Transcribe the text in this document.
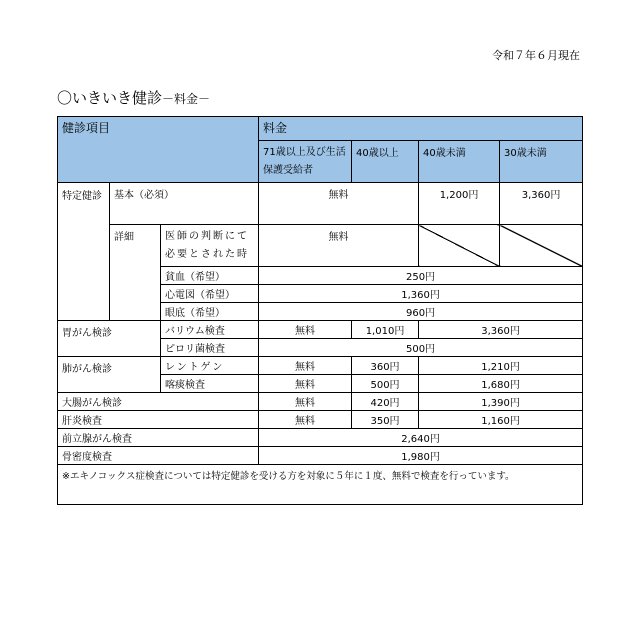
令和７年６月現在
〇いきいき健診－料金－
健診項目			料金			
			71歳以上及び生活保護受給者	40歳以上	40歳未満	30歳未満
特定健診	基本（必須）		無料		1,200円	3,360円
	詳細	医師の判断にて必要とされた時	無料			
		貧血（希望）	250円			
		心電図（希望）	1,360円			
		眼底（希望）	960円			
胃がん検診		バリウム検査	無料	1,010円	3,360円	
		ピロリ菌検査	500円			
肺がん検診		レントゲン	無料	360円	1,210円	
		喀痰検査	無料	500円	1,680円	
大腸がん検診			無料	420円	1,390円	
肝炎検査			無料	350円	1,160円	
前立腺がん検査			2,640円			
骨密度検査			1,980円			
※エキノコックス症検査については特定健診を受ける方を対象に５年に１度、無料で検査を行っています。						
